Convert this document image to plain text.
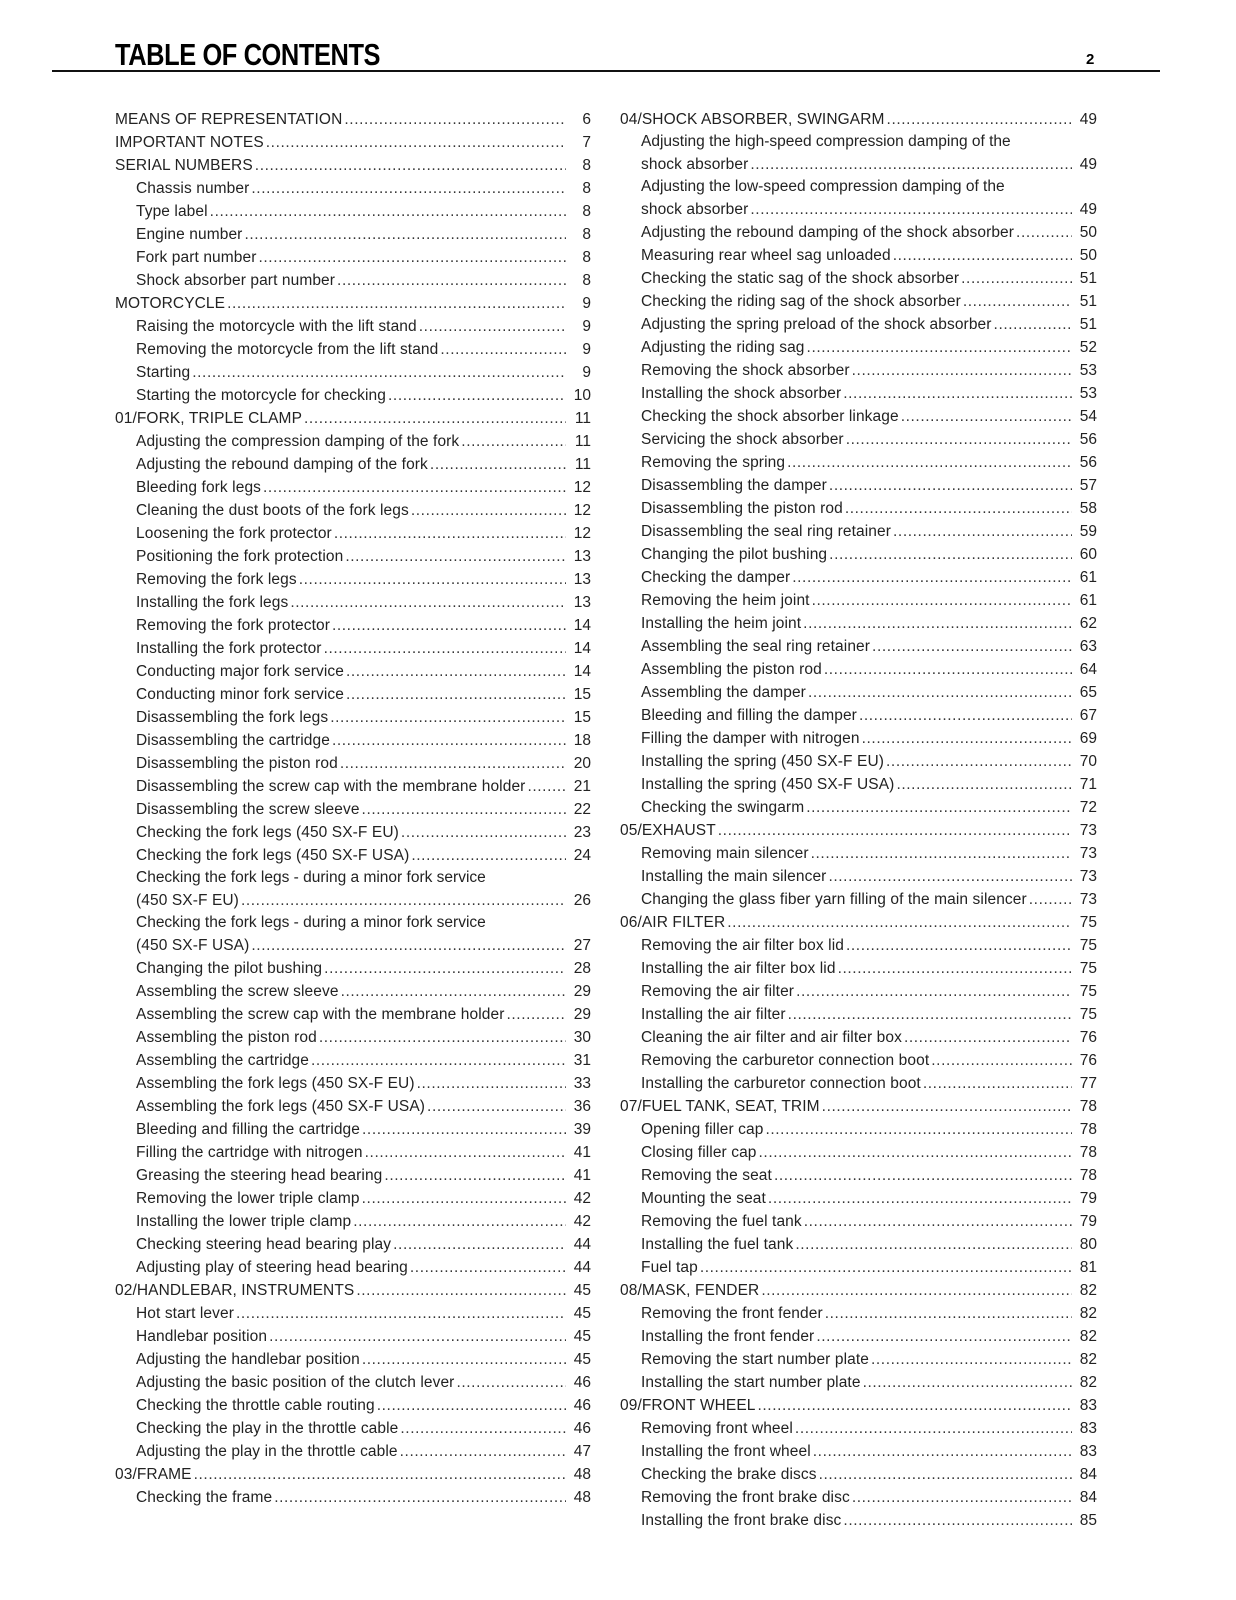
TABLE OF CONTENTS	2
MEANS OF REPRESENTATION .....	6
IMPORTANT NOTES .....	7
SERIAL NUMBERS .....	8
Chassis number .....	8
Type label .....	8
Engine number .....	8
Fork part number .....	8
Shock absorber part number .....	8
MOTORCYCLE .....	9
Raising the motorcycle with the lift stand .....	9
Removing the motorcycle from the lift stand .....	9
Starting .....	9
Starting the motorcycle for checking .....	10
01/FORK, TRIPLE CLAMP .....	11
Adjusting the compression damping of the fork .....	11
Adjusting the rebound damping of the fork .....	11
Bleeding fork legs .....	12
Cleaning the dust boots of the fork legs .....	12
Loosening the fork protector .....	12
Positioning the fork protection .....	13
Removing the fork legs .....	13
Installing the fork legs .....	13
Removing the fork protector .....	14
Installing the fork protector .....	14
Conducting major fork service .....	14
Conducting minor fork service .....	15
Disassembling the fork legs .....	15
Disassembling the cartridge .....	18
Disassembling the piston rod .....	20
Disassembling the screw cap with the membrane holder .....	21
Disassembling the screw sleeve .....	22
Checking the fork legs (450 SX-F EU) .....	23
Checking the fork legs (450 SX-F USA) .....	24
Checking the fork legs - during a minor fork service
(450 SX-F EU) .....	26
Checking the fork legs - during a minor fork service
(450 SX-F USA) .....	27
Changing the pilot bushing .....	28
Assembling the screw sleeve .....	29
Assembling the screw cap with the membrane holder .....	29
Assembling the piston rod .....	30
Assembling the cartridge .....	31
Assembling the fork legs (450 SX-F EU) .....	33
Assembling the fork legs (450 SX-F USA) .....	36
Bleeding and filling the cartridge .....	39
Filling the cartridge with nitrogen .....	41
Greasing the steering head bearing .....	41
Removing the lower triple clamp .....	42
Installing the lower triple clamp .....	42
Checking steering head bearing play .....	44
Adjusting play of steering head bearing .....	44
02/HANDLEBAR, INSTRUMENTS .....	45
Hot start lever .....	45
Handlebar position .....	45
Adjusting the handlebar position .....	45
Adjusting the basic position of the clutch lever .....	46
Checking the throttle cable routing .....	46
Checking the play in the throttle cable .....	46
Adjusting the play in the throttle cable .....	47
03/FRAME .....	48
Checking the frame .....	48
04/SHOCK ABSORBER, SWINGARM .....	49
Adjusting the high-speed compression damping of the
shock absorber .....	49
Adjusting the low-speed compression damping of the
shock absorber .....	49
Adjusting the rebound damping of the shock absorber .....	50
Measuring rear wheel sag unloaded .....	50
Checking the static sag of the shock absorber .....	51
Checking the riding sag of the shock absorber .....	51
Adjusting the spring preload of the shock absorber .....	51
Adjusting the riding sag .....	52
Removing the shock absorber .....	53
Installing the shock absorber .....	53
Checking the shock absorber linkage .....	54
Servicing the shock absorber .....	56
Removing the spring .....	56
Disassembling the damper .....	57
Disassembling the piston rod .....	58
Disassembling the seal ring retainer .....	59
Changing the pilot bushing .....	60
Checking the damper .....	61
Removing the heim joint .....	61
Installing the heim joint .....	62
Assembling the seal ring retainer .....	63
Assembling the piston rod .....	64
Assembling the damper .....	65
Bleeding and filling the damper .....	67
Filling the damper with nitrogen .....	69
Installing the spring (450 SX-F EU) .....	70
Installing the spring (450 SX-F USA) .....	71
Checking the swingarm .....	72
05/EXHAUST .....	73
Removing main silencer .....	73
Installing the main silencer .....	73
Changing the glass fiber yarn filling of the main silencer .....	73
06/AIR FILTER .....	75
Removing the air filter box lid .....	75
Installing the air filter box lid .....	75
Removing the air filter .....	75
Installing the air filter .....	75
Cleaning the air filter and air filter box .....	76
Removing the carburetor connection boot .....	76
Installing the carburetor connection boot .....	77
07/FUEL TANK, SEAT, TRIM .....	78
Opening filler cap .....	78
Closing filler cap .....	78
Removing the seat .....	78
Mounting the seat .....	79
Removing the fuel tank .....	79
Installing the fuel tank .....	80
Fuel tap .....	81
08/MASK, FENDER .....	82
Removing the front fender .....	82
Installing the front fender .....	82
Removing the start number plate .....	82
Installing the start number plate .....	82
09/FRONT WHEEL .....	83
Removing front wheel .....	83
Installing the front wheel .....	83
Checking the brake discs .....	84
Removing the front brake disc .....	84
Installing the front brake disc .....	85
